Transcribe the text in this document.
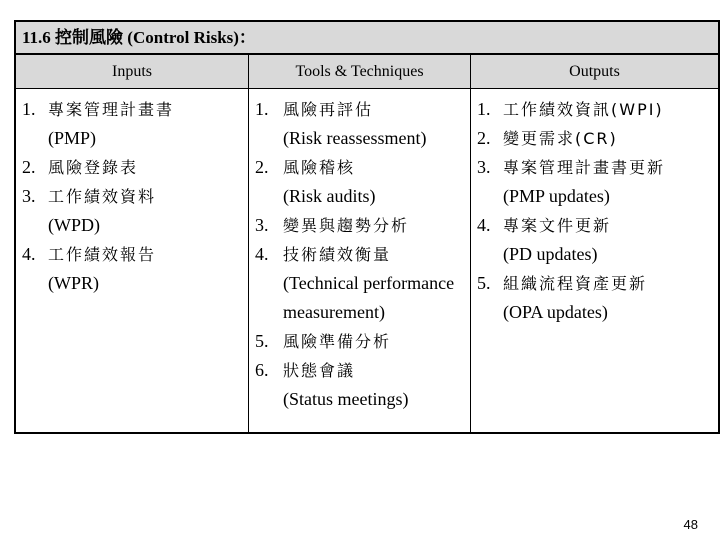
11.6 控制風險 (Control Risks)：
Inputs
1. 專案管理計畫書
(PMP)
2. 風險登錄表
3. 工作績效資料
(WPD)
4. 工作績效報告
(WPR)
Tools & Techniques
1. 風險再評估
(Risk reassessment)
2. 風險稽核
(Risk audits)
3. 變異與趨勢分析
4. 技術績效衡量
(Technical performance measurement)
5. 風險準備分析
6. 狀態會議
(Status meetings)
Outputs
1. 工作績效資訊(WPI)
2. 變更需求(CR)
3. 專案管理計畫書更新
(PMP updates)
4. 專案文件更新
(PD updates)
5. 組織流程資產更新
(OPA updates)
48
